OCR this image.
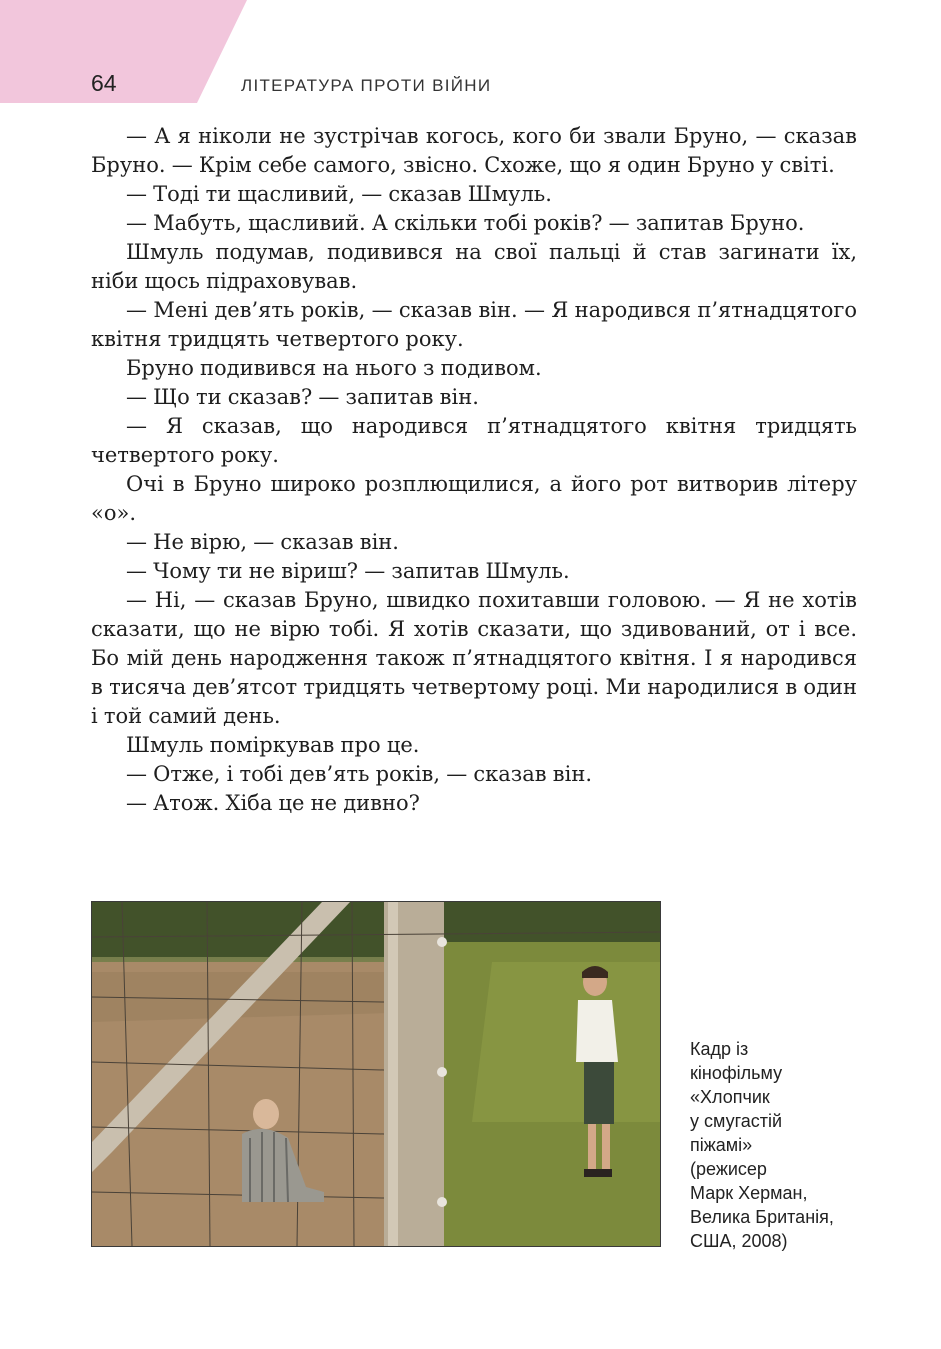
64	ЛІТЕРАТУРА ПРОТИ ВІЙНИ

— А я ніколи не зустрічав когось, кого би звали Бруно, — сказав Бруно. — Крім себе самого, звісно. Схоже, що я один Бруно у світі.

— Тоді ти щасливий, — сказав Шмуль.

— Мабуть, щасливий. А скільки тобі років? — запитав Бруно.

Шмуль подумав, подивився на свої пальці й став загинати їх, ніби щось підраховував.

— Мені дев’ять років, — сказав він. — Я народився п’ятнадцятого квітня тридцять четвертого року.

Бруно подивився на нього з подивом.

— Що ти сказав? — запитав він.

— Я сказав, що народився п’ятнадцятого квітня тридцять четвертого року.

Очі в Бруно широко розплющилися, а його рот витворив літеру «о».

— Не вірю, — сказав він.

— Чому ти не віриш? — запитав Шмуль.

— Ні, — сказав Бруно, швидко похитавши головою. — Я не хотів сказати, що не вірю тобі. Я хотів сказати, що здивований, от і все. Бо мій день народження також п’ятнадцятого квітня. І я народився в тисяча дев’ятсот тридцять четвертому році. Ми народилися в один і той самий день.

Шмуль поміркував про це.

— Отже, і тобі дев’ять років, — сказав він.

— Атож. Хіба це не дивно?

Кадр із
кінофільму
«Хлопчик
у смугастій
піжамі»
(режисер
Марк Херман,
Велика Британія,
США, 2008)
